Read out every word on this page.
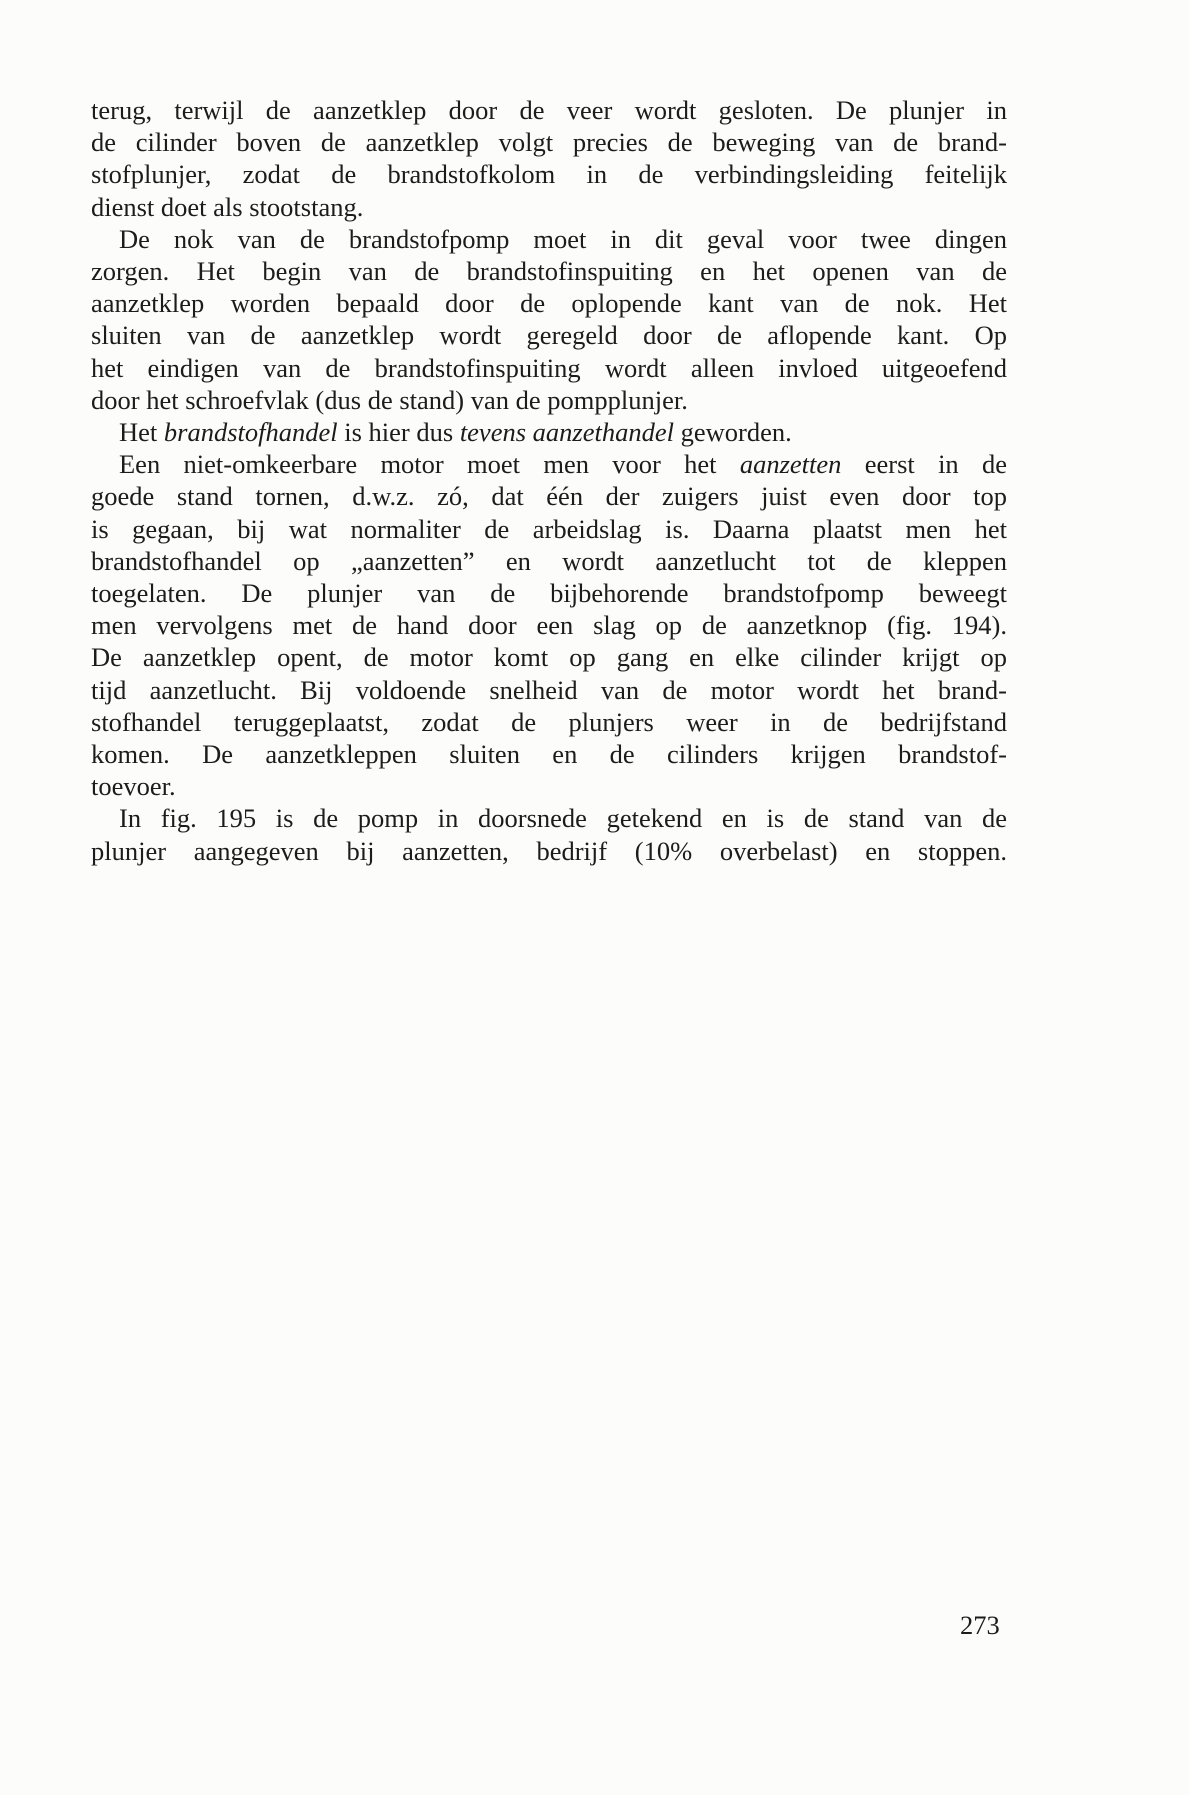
terug, terwijl de aanzetklep door de veer wordt gesloten. De plunjer in
de cilinder boven de aanzetklep volgt precies de beweging van de brand-
stofplunjer, zodat de brandstofkolom in de verbindingsleiding feitelijk
dienst doet als stootstang.

De nok van de brandstofpomp moet in dit geval voor twee dingen
zorgen. Het begin van de brandstofinspuiting en het openen van de
aanzetklep worden bepaald door de oplopende kant van de nok. Het
sluiten van de aanzetklep wordt geregeld door de aflopende kant. Op
het eindigen van de brandstofinspuiting wordt alleen invloed uitgeoefend
door het schroefvlak (dus de stand) van de pompplunjer.

Het brandstofhandel is hier dus tevens aanzethandel geworden.

Een niet-omkeerbare motor moet men voor het aanzetten eerst in de
goede stand tornen, d.w.z. zó, dat één der zuigers juist even door top
is gegaan, bij wat normaliter de arbeidslag is. Daarna plaatst men het
brandstofhandel op „aanzetten” en wordt aanzetlucht tot de kleppen
toegelaten. De plunjer van de bijbehorende brandstofpomp beweegt
men vervolgens met de hand door een slag op de aanzetknop (fig. 194).
De aanzetklep opent, de motor komt op gang en elke cilinder krijgt op
tijd aanzetlucht. Bij voldoende snelheid van de motor wordt het brand-
stofhandel teruggeplaatst, zodat de plunjers weer in de bedrijfstand
komen. De aanzetkleppen sluiten en de cilinders krijgen brandstof-
toevoer.

In fig. 195 is de pomp in doorsnede getekend en is de stand van de
plunjer aangegeven bij aanzetten, bedrijf (10% overbelast) en stoppen.

273
